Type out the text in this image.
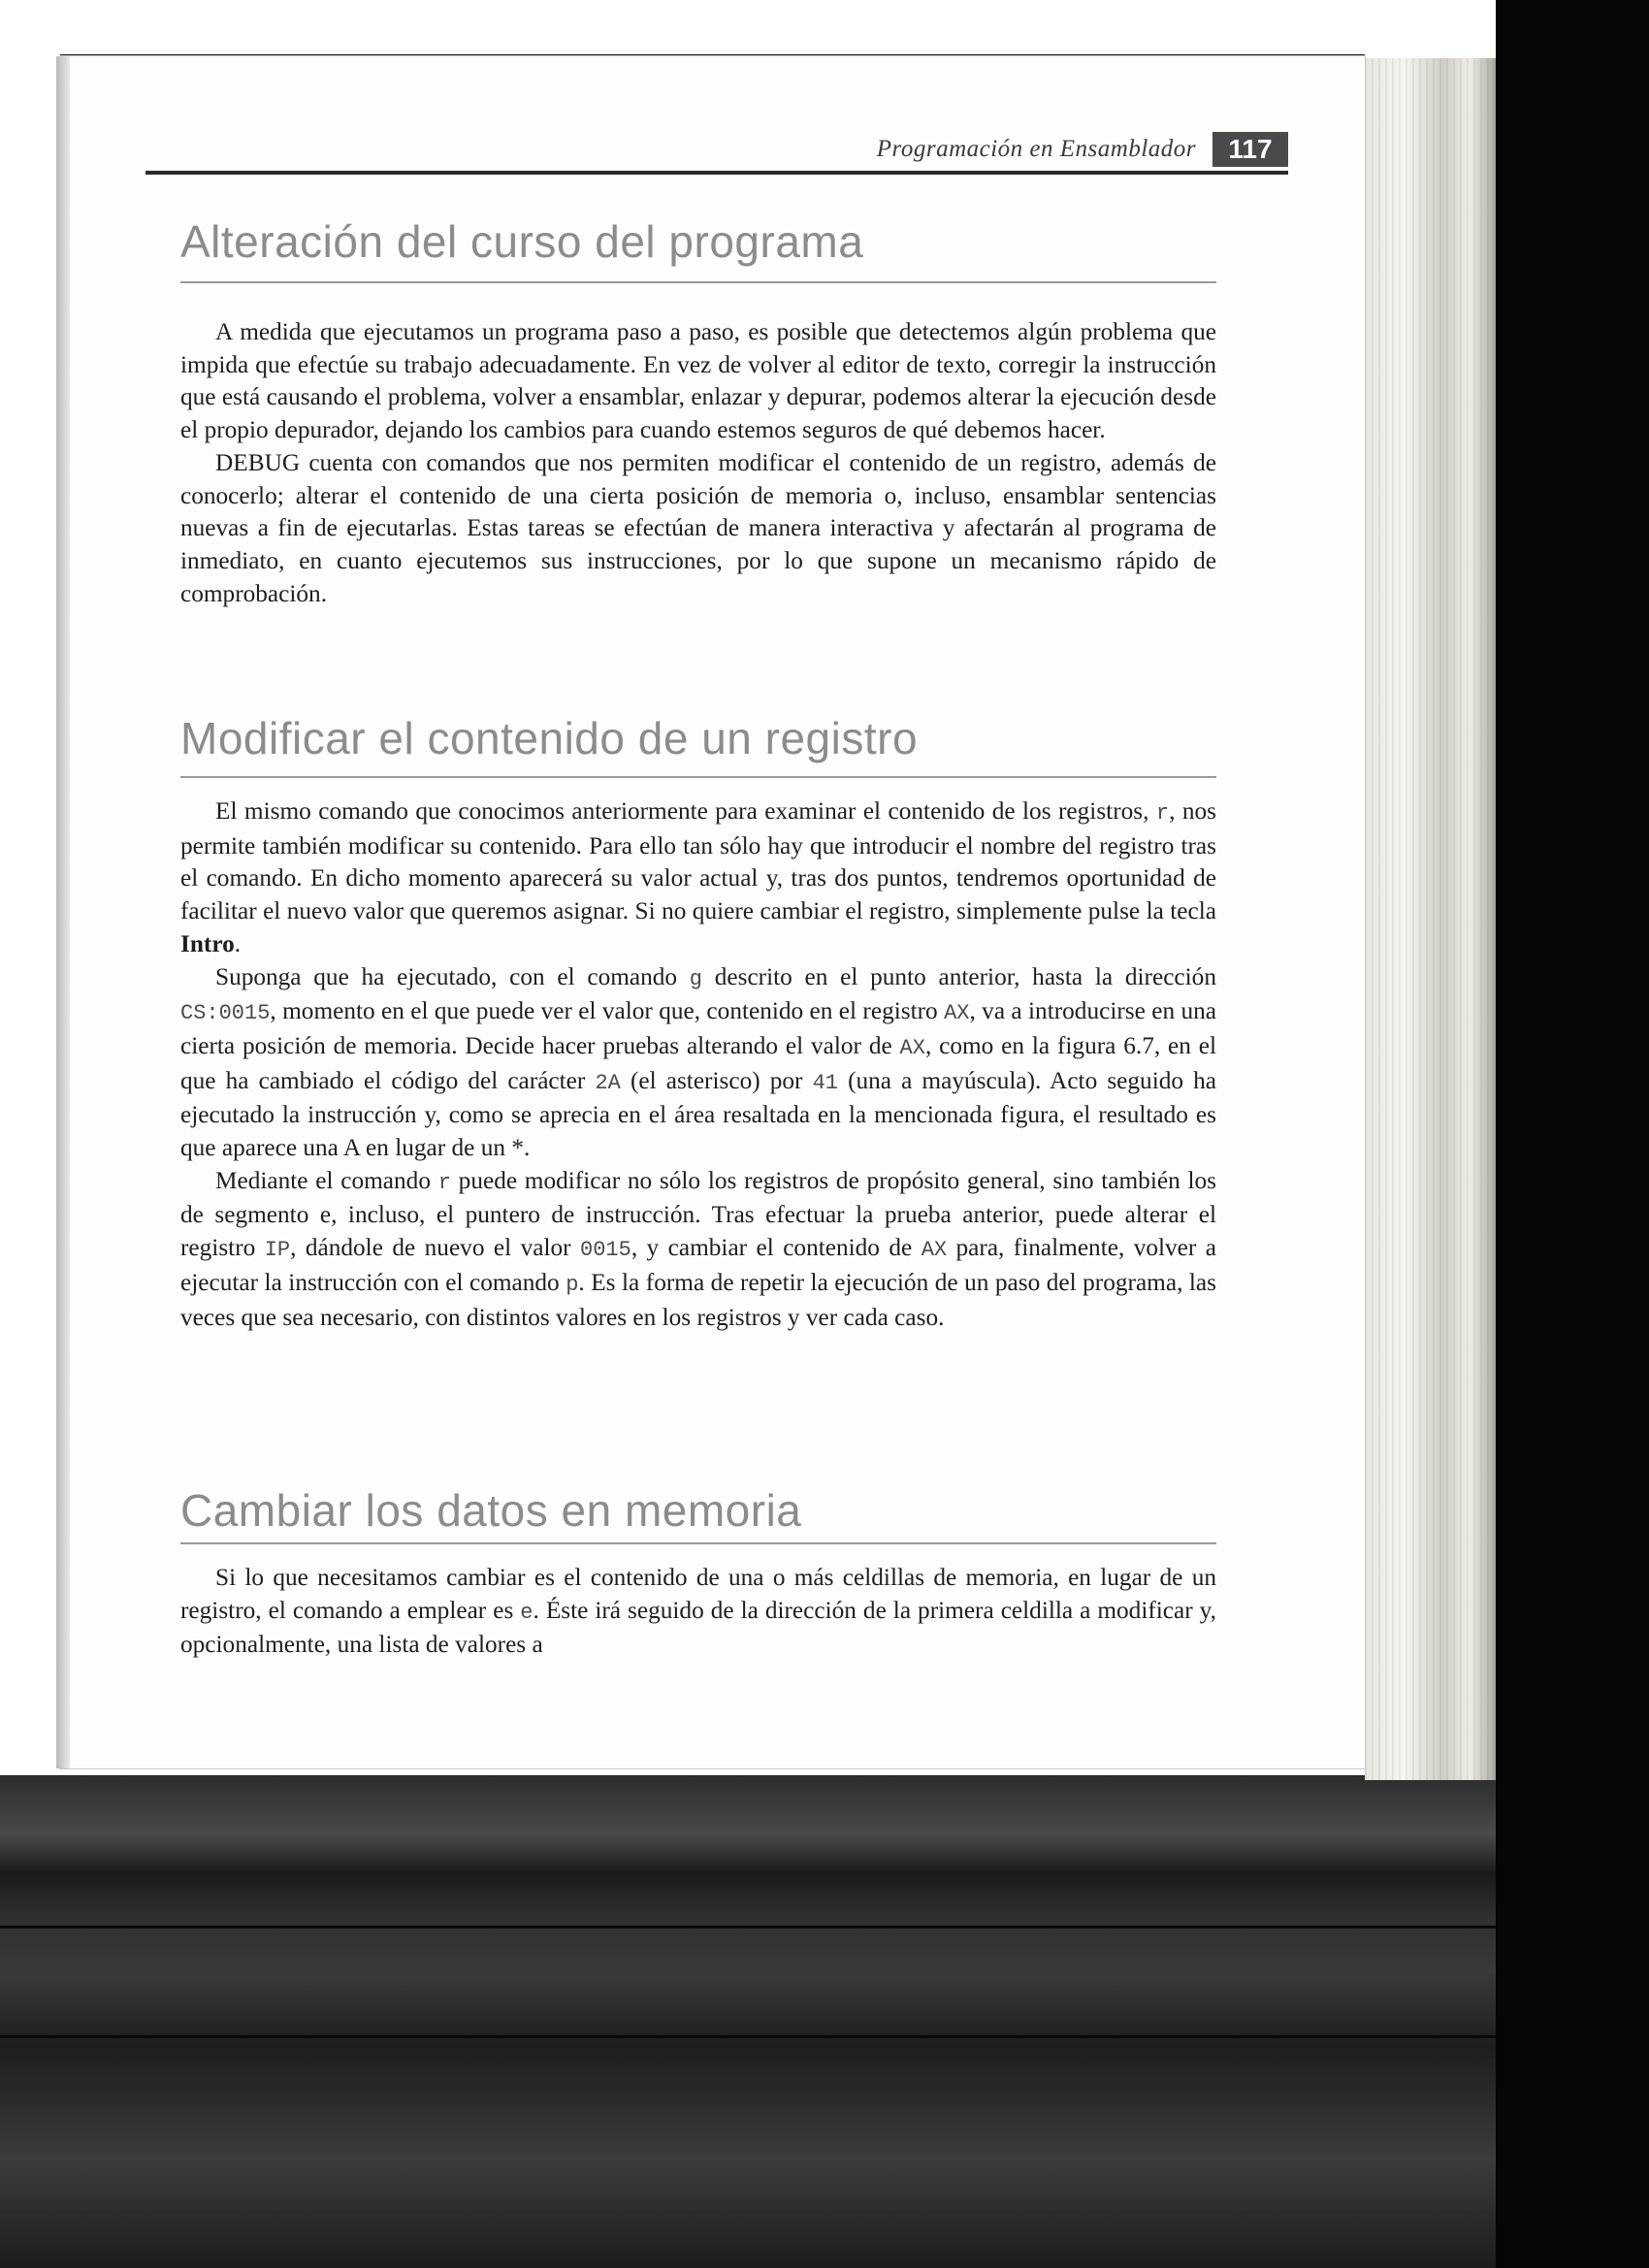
Programación en Ensamblador	117
Alteración del curso del programa

A medida que ejecutamos un programa paso a paso, es posible que detectemos algún problema que impida que efectúe su trabajo adecuadamente. En vez de volver al editor de texto, corregir la instrucción que está causando el problema, volver a ensamblar, enlazar y depurar, podemos alterar la ejecución desde el propio depurador, dejando los cambios para cuando estemos seguros de qué debemos hacer.

DEBUG cuenta con comandos que nos permiten modificar el contenido de un registro, además de conocerlo; alterar el contenido de una cierta posición de memoria o, incluso, ensamblar sentencias nuevas a fin de ejecutarlas. Estas tareas se efectúan de manera interactiva y afectarán al programa de inmediato, en cuanto ejecutemos sus instrucciones, por lo que supone un mecanismo rápido de comprobación.

Modificar el contenido de un registro

El mismo comando que conocimos anteriormente para examinar el contenido de los registros, r, nos permite también modificar su contenido. Para ello tan sólo hay que introducir el nombre del registro tras el comando. En dicho momento aparecerá su valor actual y, tras dos puntos, tendremos oportunidad de facilitar el nuevo valor que queremos asignar. Si no quiere cambiar el registro, simplemente pulse la tecla Intro.

Suponga que ha ejecutado, con el comando g descrito en el punto anterior, hasta la dirección CS:0015, momento en el que puede ver el valor que, contenido en el registro AX, va a introducirse en una cierta posición de memoria. Decide hacer pruebas alterando el valor de AX, como en la figura 6.7, en el que ha cambiado el código del carácter 2A (el asterisco) por 41 (una a mayúscula). Acto seguido ha ejecutado la instrucción y, como se aprecia en el área resaltada en la mencionada figura, el resultado es que aparece una A en lugar de un *.

Mediante el comando r puede modificar no sólo los registros de propósito general, sino también los de segmento e, incluso, el puntero de instrucción. Tras efectuar la prueba anterior, puede alterar el registro IP, dándole de nuevo el valor 0015, y cambiar el contenido de AX para, finalmente, volver a ejecutar la instrucción con el comando p. Es la forma de repetir la ejecución de un paso del programa, las veces que sea necesario, con distintos valores en los registros y ver cada caso.

Cambiar los datos en memoria

Si lo que necesitamos cambiar es el contenido de una o más celdillas de memoria, en lugar de un registro, el comando a emplear es e. Éste irá seguido de la dirección de la primera celdilla a modificar y, opcionalmente, una lista de valores a
